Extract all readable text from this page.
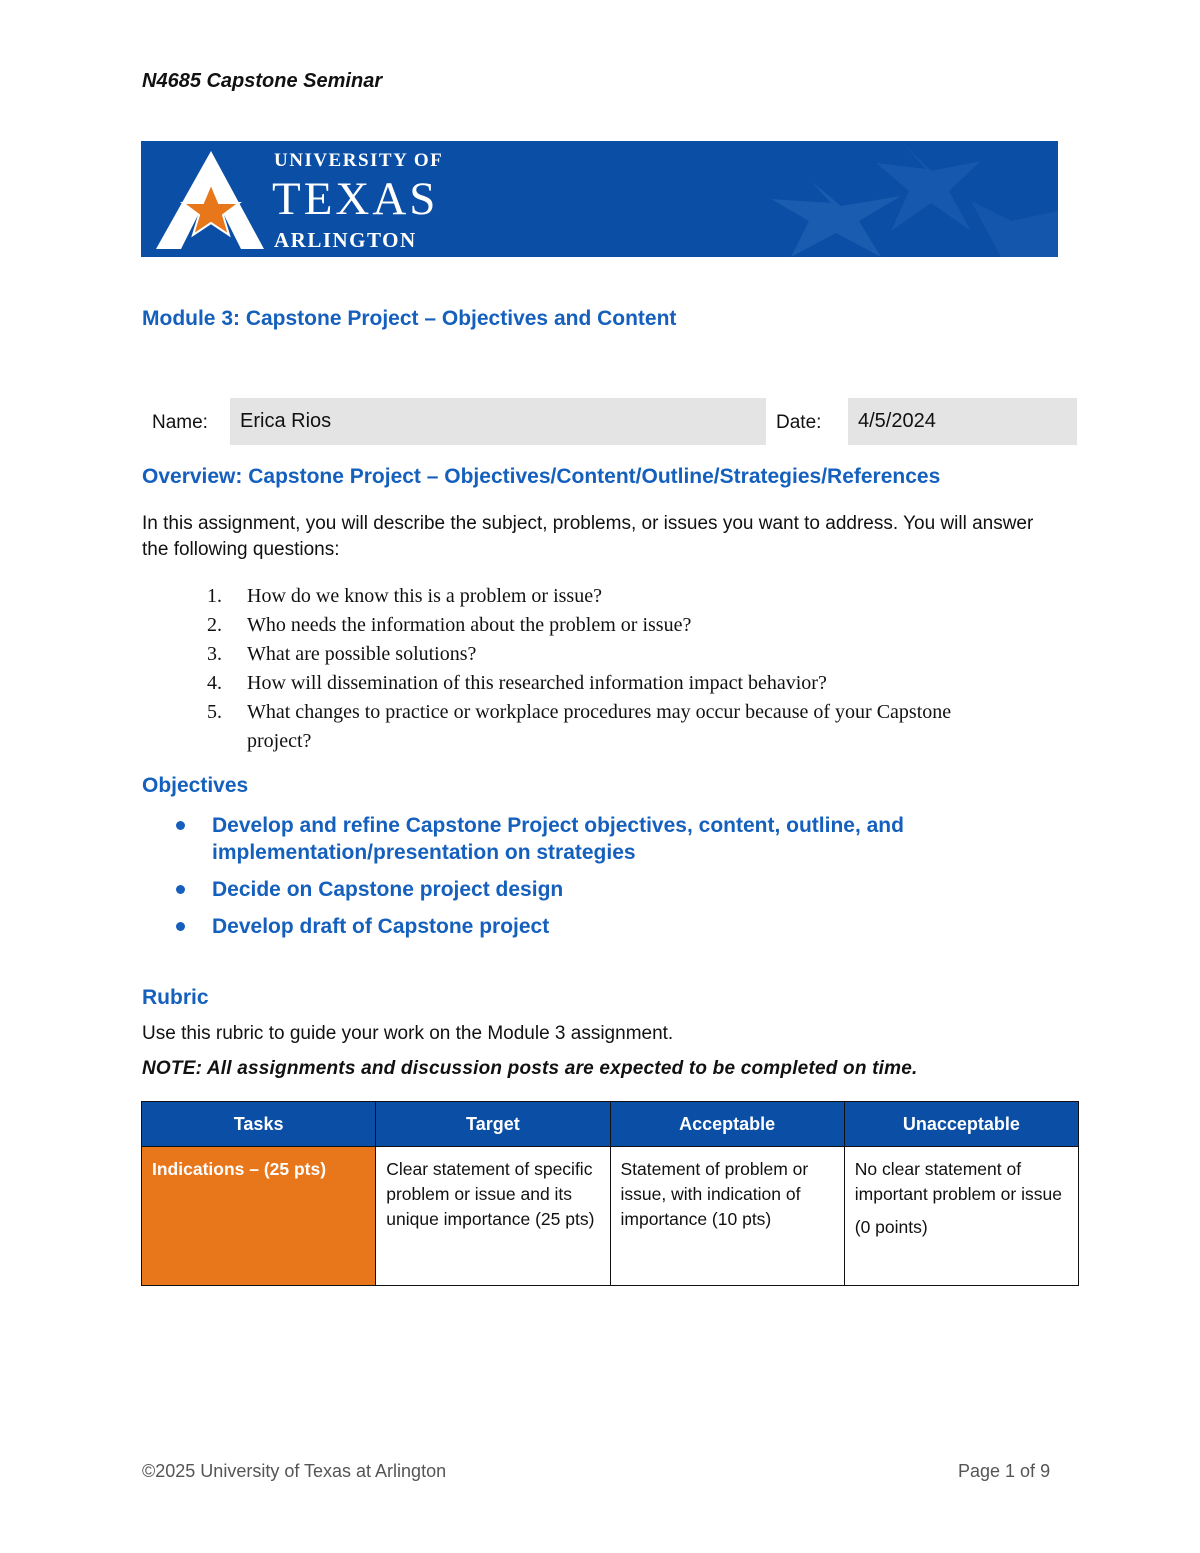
N4685 Capstone Seminar
UNIVERSITY OF
TEXAS
ARLINGTON
Module 3: Capstone Project – Objectives and Content
Name:	Erica Rios	Date:	4/5/2024
Overview: Capstone Project – Objectives/Content/Outline/Strategies/References
In this assignment, you will describe the subject, problems, or issues you want to address. You will answer the following questions:
1. How do we know this is a problem or issue?
2. Who needs the information about the problem or issue?
3. What are possible solutions?
4. How will dissemination of this researched information impact behavior?
5. What changes to practice or workplace procedures may occur because of your Capstone project?
Objectives
Develop and refine Capstone Project objectives, content, outline, and implementation/presentation on strategies
Decide on Capstone project design
Develop draft of Capstone project
Rubric
Use this rubric to guide your work on the Module 3 assignment.
NOTE: All assignments and discussion posts are expected to be completed on time.
Tasks	Target	Acceptable	Unacceptable
Indications – (25 pts)	Clear statement of specific problem or issue and its unique importance (25 pts)	Statement of problem or issue, with indication of importance (10 pts)	No clear statement of important problem or issue

(0 points)

©2025 University of Texas at Arlington	Page 1 of 9
